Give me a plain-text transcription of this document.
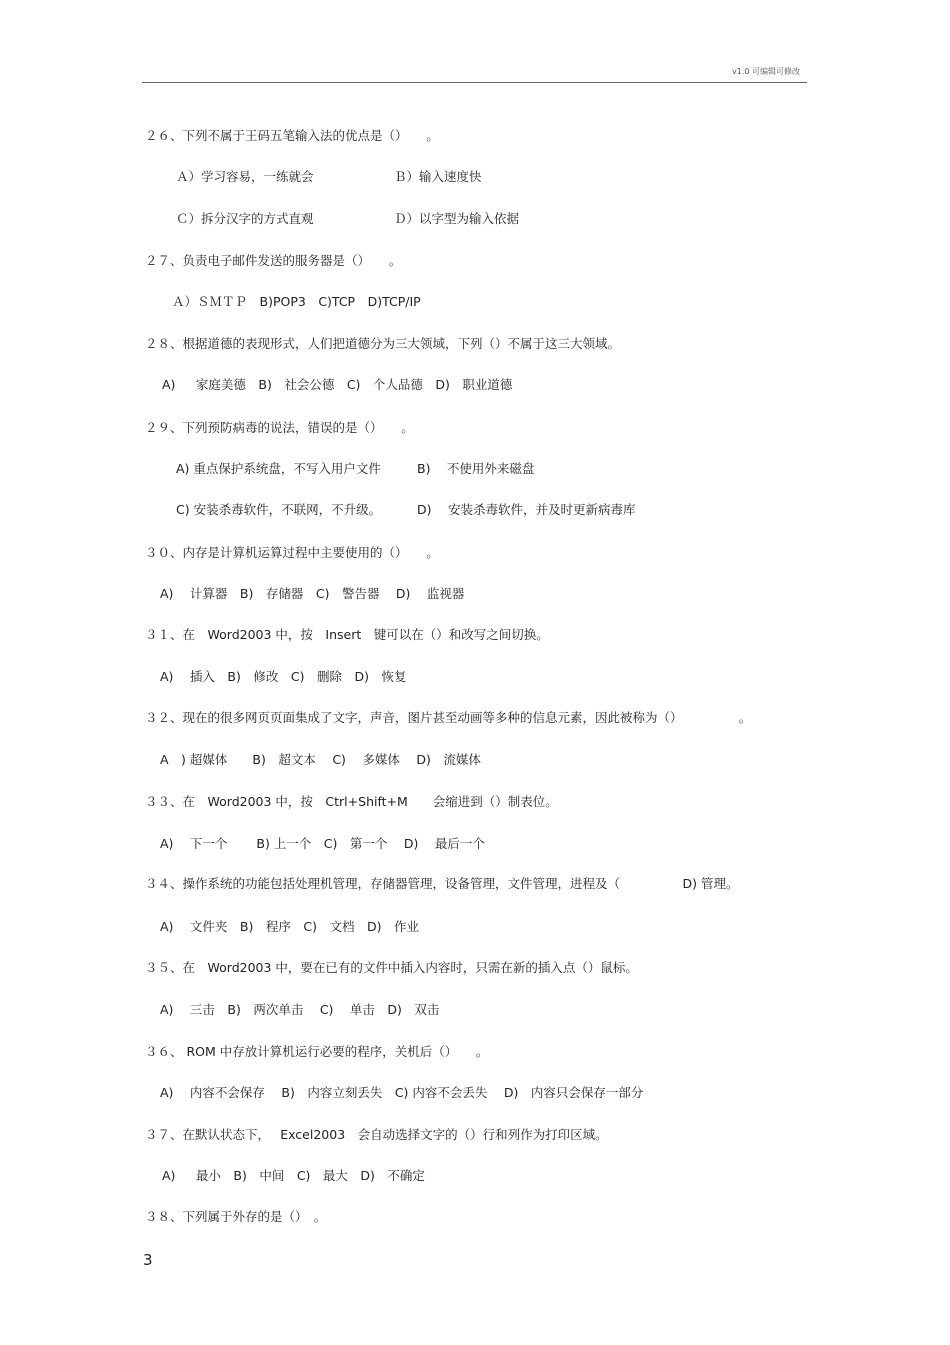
v1.0 可编辑可修改
２６、下列不属于王码五笔输入法的优点是（）　　。
Ａ）学习容易，一练就会	Ｂ）输入速度快
Ｃ）拆分汉字的方式直观	Ｄ）以字型为输入依据
２７、负责电子邮件发送的服务器是（）　　。
Ａ）ＳＭＴＰ　B)POP3　C)TCP　D)TCP/IP
２８、根据道德的表现形式，人们把道德分为三大领域，下列（）不属于这三大领域。
A)　  家庭美德　B)　社会公德　C)　个人品德　D)　职业道德
２９、下列预防病毒的说法，错误的是（）　　。
A) 重点保护系统盘，不写入用户文件	B)　 不使用外来磁盘
C) 安装杀毒软件，不联网，不升级。	D)　 安装杀毒软件，并及时更新病毒库
３０、内存是计算机运算过程中主要使用的（）　　。
A)　 计算器　B)　存储器　C)　警告器　 D)　 监视器
３１、在　Word2003 中，按　Insert　键可以在（）和改写之间切换。
A)　 插入　B)　修改　C)　删除　D)　恢复
３２、现在的很多网页页面集成了文字，声音，图片甚至动画等多种的信息元素，因此被称为（）　　　　　。
A　) 超媒体　　B)　超文本　 C)　 多媒体　 D)　流媒体
３３、在　Word2003 中，按　Ctrl+Shift+M　　会缩进到（）制表位。
A)　 下一个　　 B) 上一个　C)　第一个　 D)　 最后一个
３４、操作系统的功能包括处理机管理，存储器管理，设备管理，文件管理，进程及（　　　　　D) 管理。
A)　 文件夹　B)　程序　C)　文档　D)　作业
３５、在　Word2003 中，要在已有的文件中插入内容时，只需在新的插入点（）鼠标。
A)　 三击　B)　两次单击　 C)　 单击　D)　双击
３６、 ROM 中存放计算机运行必要的程序，关机后（）　　。
A)　 内容不会保存　 B)　内容立刻丢失　C) 内容不会丢失　 D)　内容只会保存一部分
３７、在默认状态下，　 Excel2003　会自动选择文字的（）行和列作为打印区域。
A)　  最小　B)　中间　C)　最大　D)　不确定
３８、下列属于外存的是（）　。
3
